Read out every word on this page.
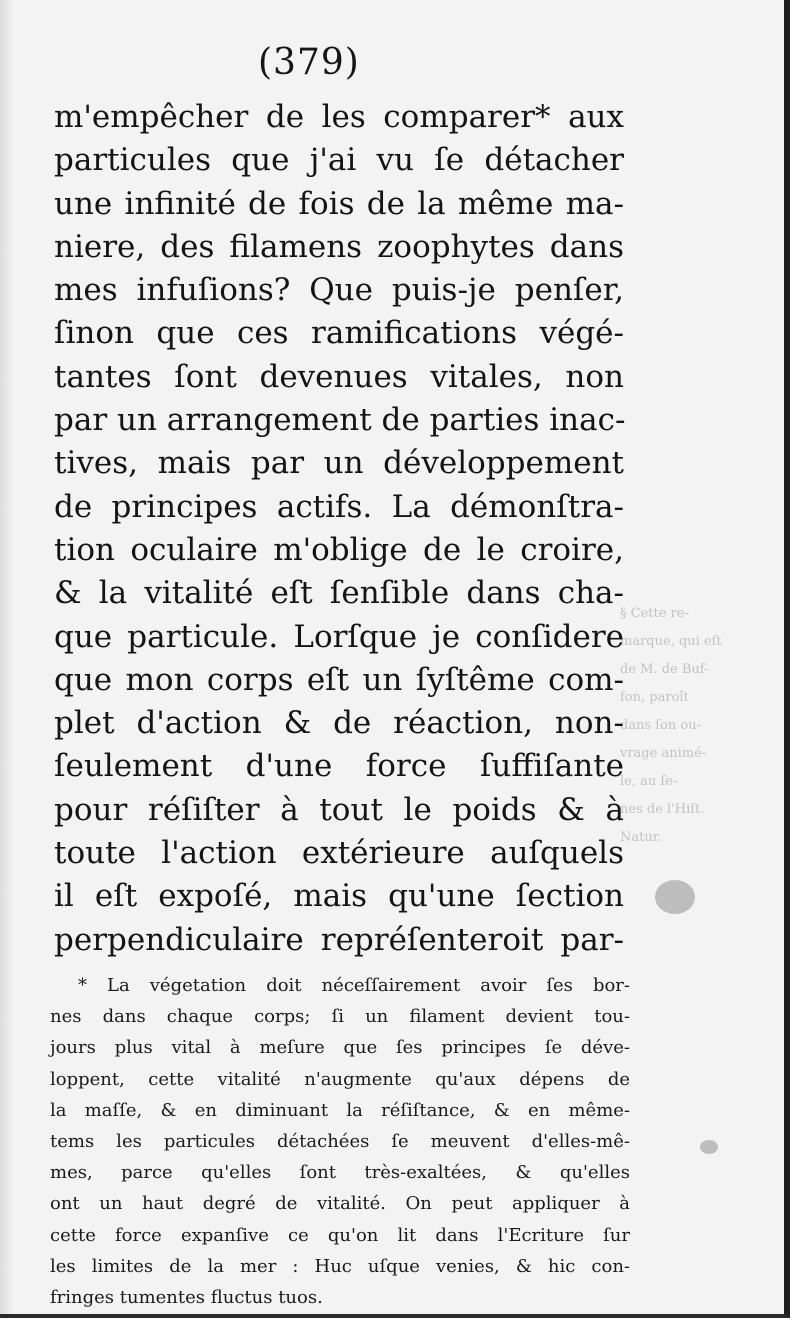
§ Cette re-
marque, qui eſt
de M. de Buf-
fon, paroît
dans ſon ou-
vrage animé-
le, au ſe-
nes de l'Hiſt.
Natur.
(379)
m'empêcher de les comparer* aux
particules que j'ai vu ſe détacher
une infinité de fois de la même ma-
niere, des filamens zoophytes dans
mes infuſions? Que puis-je penſer,
ſinon que ces ramifications végé-
tantes ſont devenues vitales, non
par un arrangement de parties inac-
tives, mais par un développement
de principes actifs. La démonſtra-
tion oculaire m'oblige de le croire,
& la vitalité eſt ſenſible dans cha-
que particule. Lorſque je conſidere
que mon corps eſt un ſyſtême com-
plet d'action & de réaction, non-
ſeulement d'une force ſuffiſante
pour réſiſter à tout le poids & à
toute l'action extérieure auſquels
il eſt expoſé, mais qu'une ſection
perpendiculaire repréſenteroit par-
* La végetation doit néceſſairement avoir ſes bor-
nes dans chaque corps; ſi un filament devient tou-
jours plus vital à meſure que ſes principes ſe déve-
loppent, cette vitalité n'augmente qu'aux dépens de
la maſſe, & en diminuant la réſiſtance, & en même-
tems les particules détachées ſe meuvent d'elles-mê-
mes, parce qu'elles ſont très-exaltées, & qu'elles
ont un haut degré de vitalité. On peut appliquer à
cette force expanſive ce qu'on lit dans l'Ecriture ſur
les limites de la mer : Huc uſque venies, & hic con-
fringes tumentes fluctus tuos.
